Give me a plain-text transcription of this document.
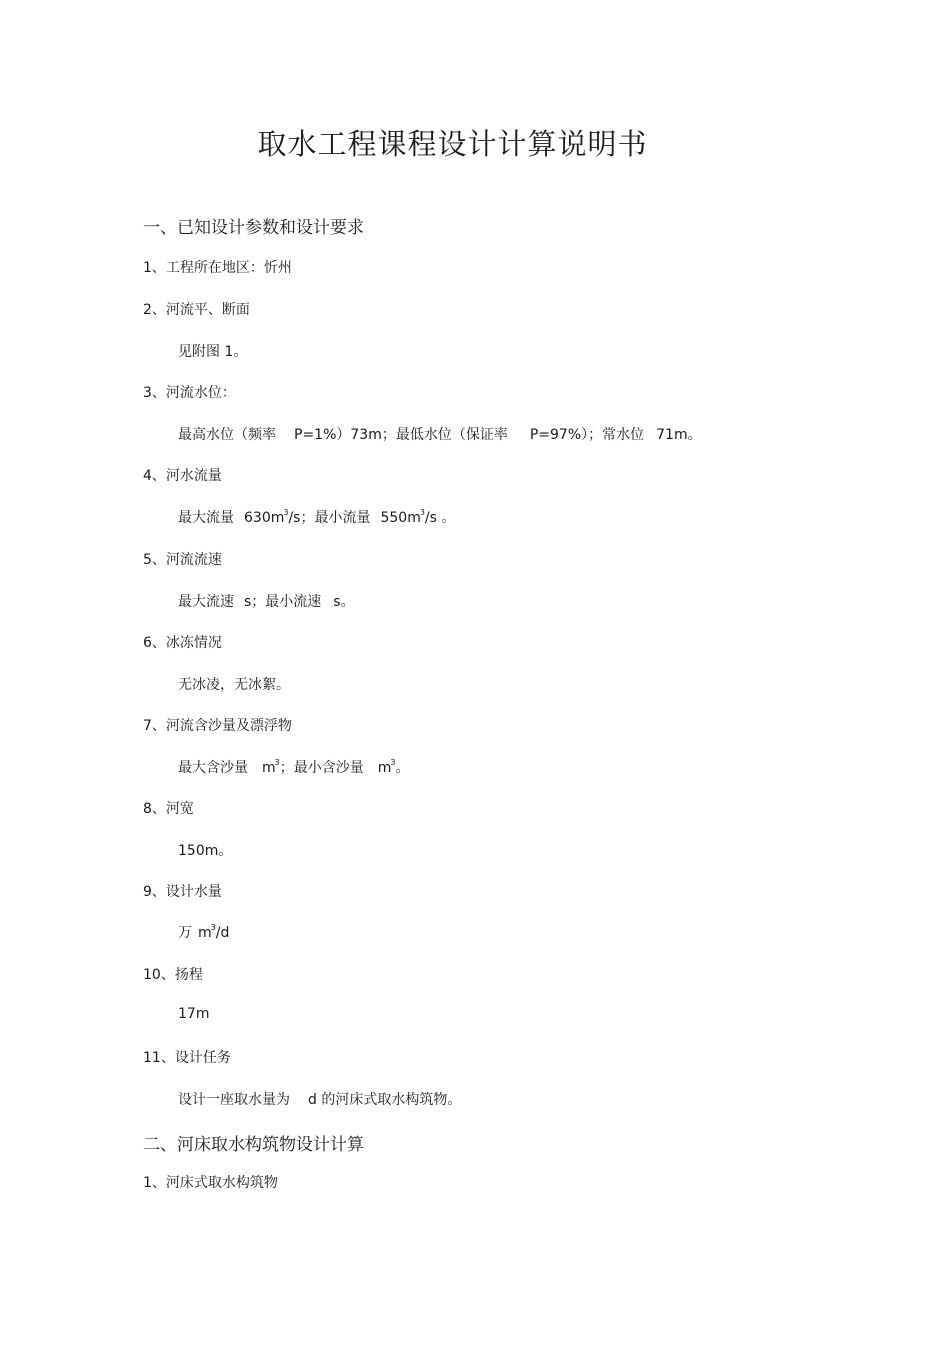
取水工程课程设计计算说明书
一、已知设计参数和设计要求
1、工程所在地区：忻州
2、河流平、断面
见附图 1。
3、河流水位：
最高水位（频率 P=1%）73m；最低水位（保证率 P=97%）；常水位 71m。
4、河水流量
最大流量 $630m^3/s$；最小流量 $550m^3/s$ 。
5、河流流速
最大流速 s；最小流速 s。
6、冰冻情况
无冰凌，无冰絮。
7、河流含沙量及漂浮物
最大含沙量 $m^3$；最小含沙量 $m^3$。
8、河宽
150m。
9、设计水量
万 $m^3/d$
10、扬程
17m
11、设计任务
设计一座取水量为 d 的河床式取水构筑物。
二、河床取水构筑物设计计算
1、河床式取水构筑物
